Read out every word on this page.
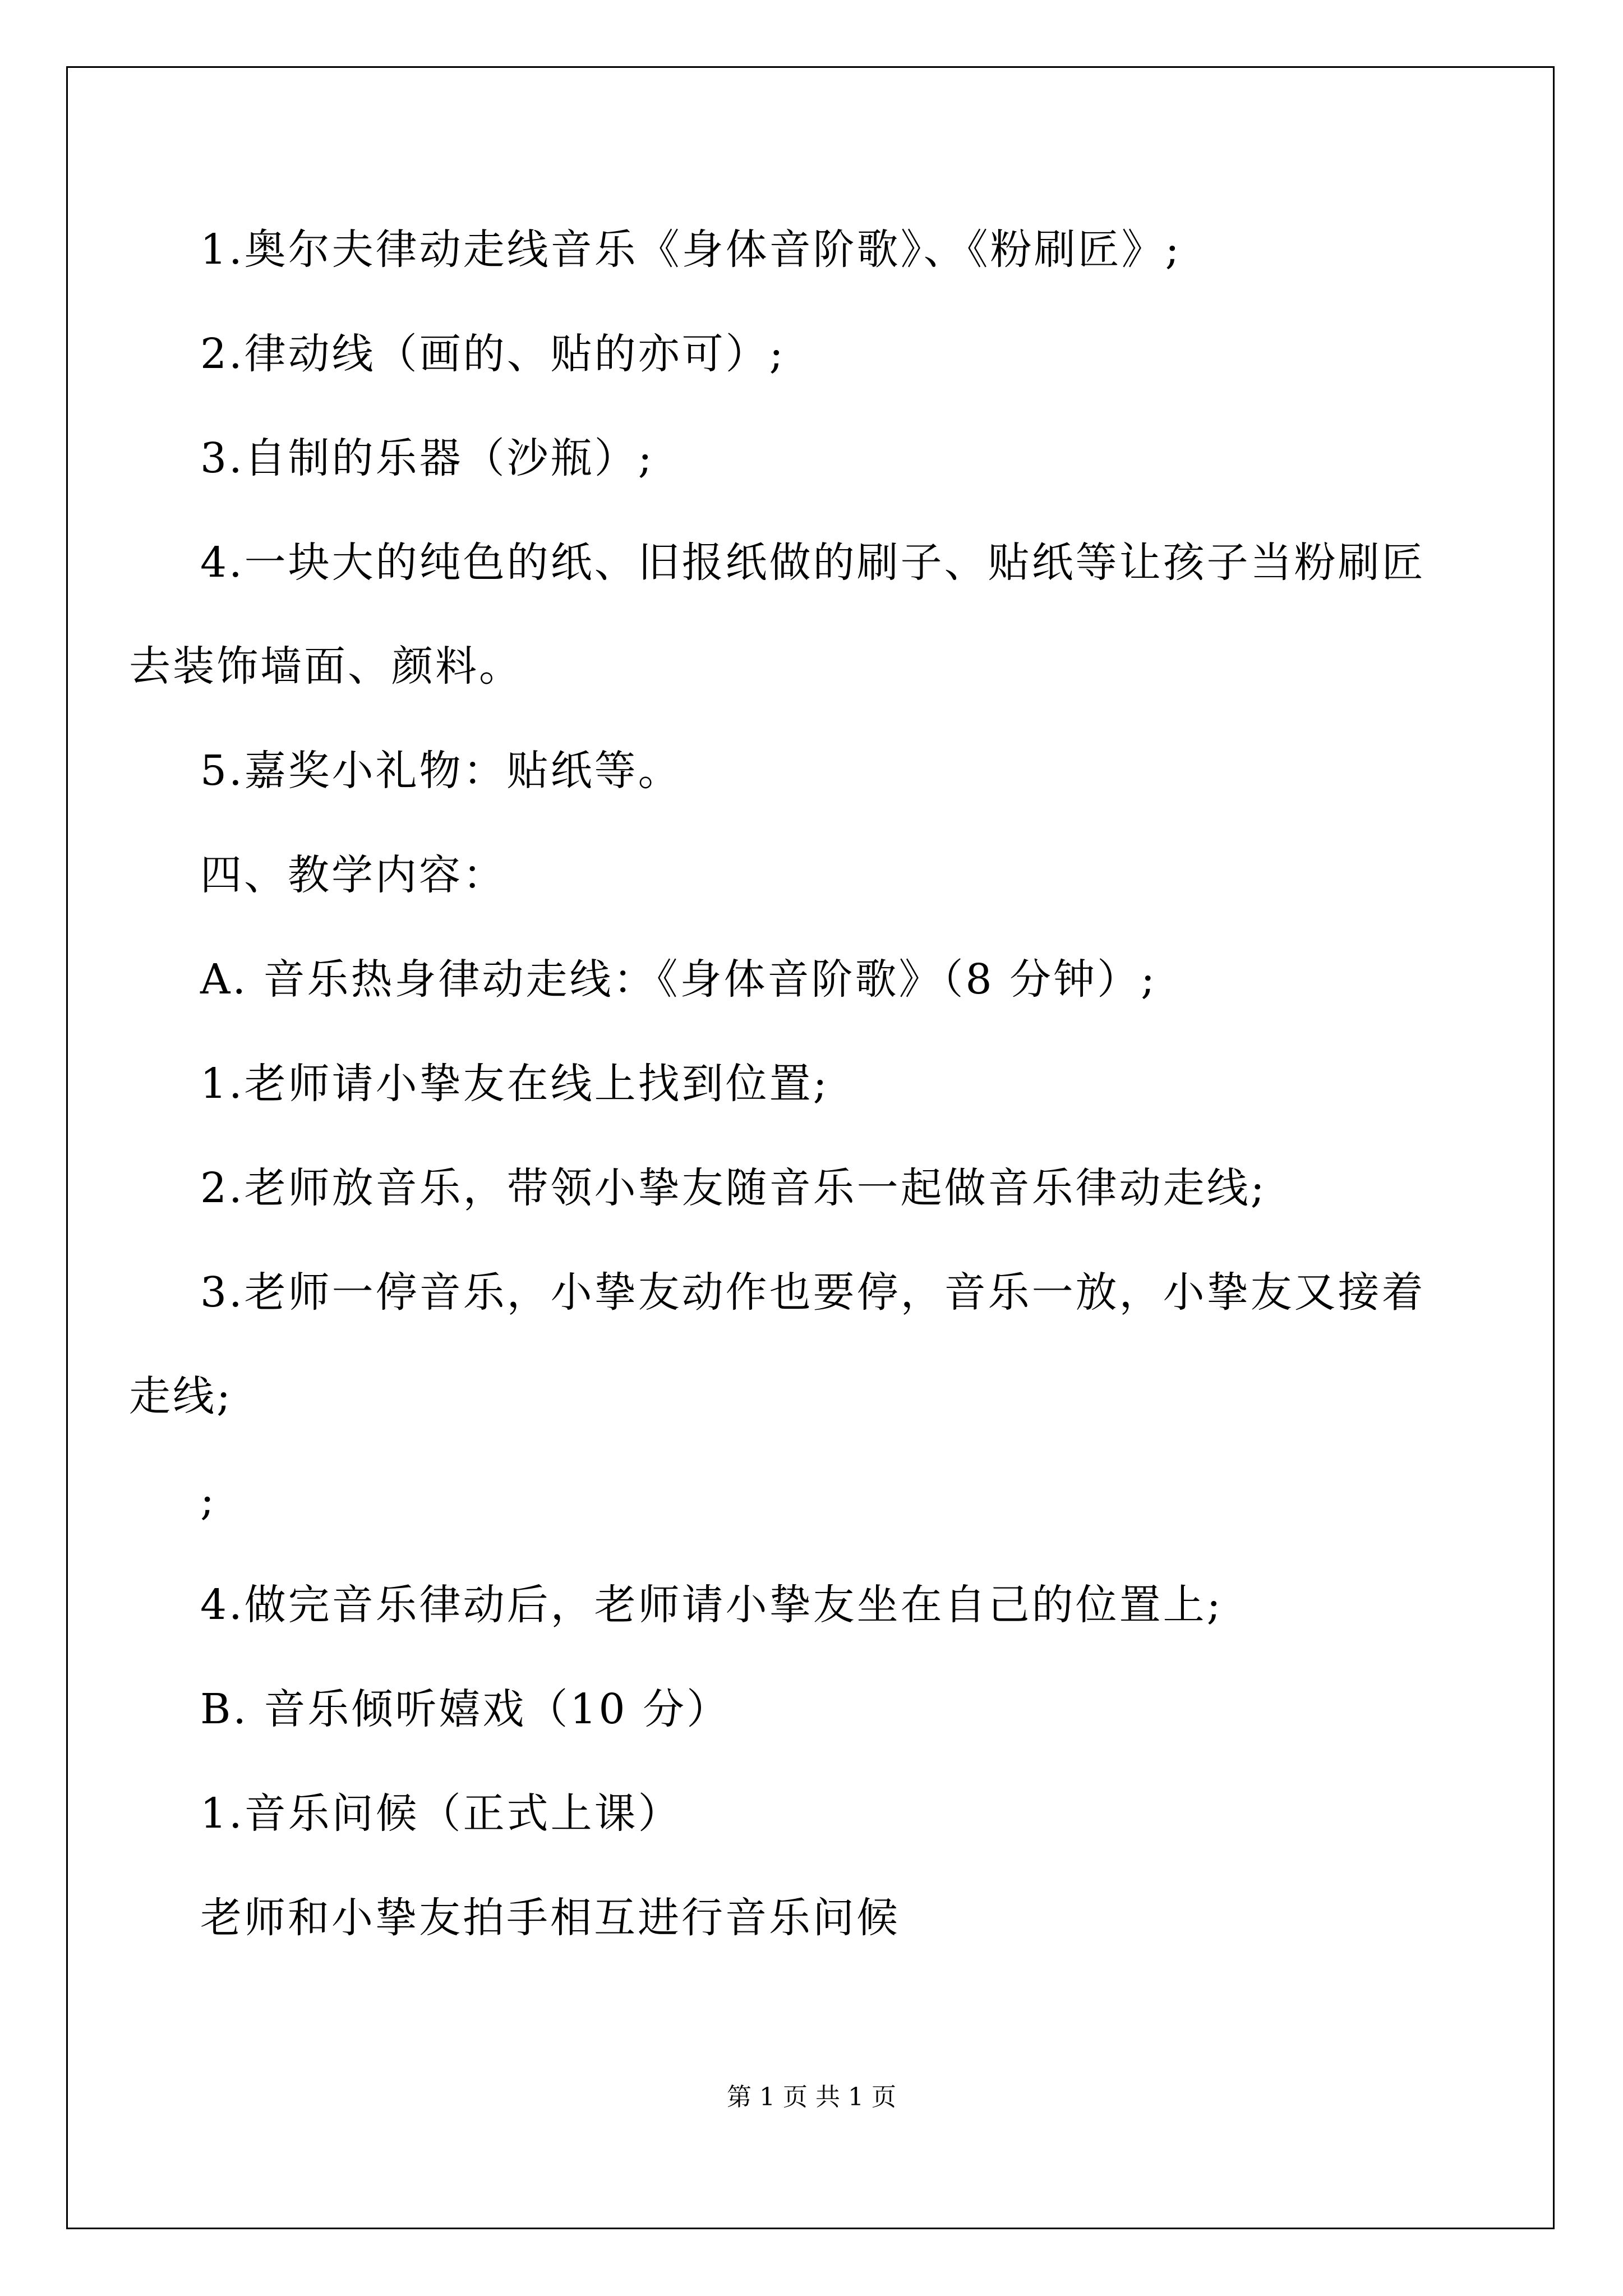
1.奥尔夫律动走线音乐《身体音阶歌》、《粉刷匠》;
2.律动线（画的、贴的亦可）;
3.自制的乐器（沙瓶）;
4.一块大的纯色的纸、旧报纸做的刷子、贴纸等让孩子当粉刷匠
去装饰墙面、颜料。
5.嘉奖小礼物：贴纸等。
四、教学内容：
A. 音乐热身律动走线：《身体音阶歌》（8 分钟）;
1.老师请小挚友在线上找到位置;
2.老师放音乐，带领小挚友随音乐一起做音乐律动走线;
3.老师一停音乐，小挚友动作也要停，音乐一放，小挚友又接着
走线;
;
4.做完音乐律动后，老师请小挚友坐在自己的位置上;
B. 音乐倾听嬉戏（10 分）
1.音乐问候（正式上课）
老师和小挚友拍手相互进行音乐问候
第 1 页 共 1 页
